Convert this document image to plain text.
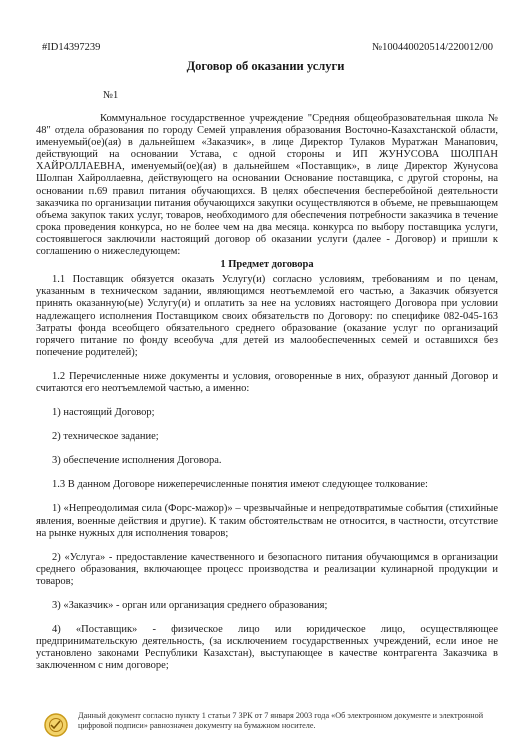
#ID14397239	№100440020514/220012/00
Договор об оказании услуги
№1

Коммунальное государственное учреждение "Средняя общеобразовательная школа № 48" отдела образования по городу Семей управления образования Восточно-Казахстанской области, именуемый(ое)(ая) в дальнейшем «Заказчик», в лице Директор Тулаков Муратжан Манапович, действующий на основании Устава, с одной стороны и ИП ЖУНУСОВА ШОЛПАН ХАЙРОЛЛАЕВНА, именуемый(ое)(ая) в дальнейшем «Поставщик», в лице Директор Жунусова Шолпан Хайроллаевна, действующего на основании Основание поставщика, с другой стороны, на основании п.69 правил питания обучающихся. В целях обеспечения бесперебойной деятельности заказчика по организации питания обучающихся закупки осуществляются в объеме, не превышающем объема закупок таких услуг, товаров, необходимого для обеспечения потребности заказчика в течение срока проведения конкурса, но не более чем на два месяца. конкурса по выбору поставщика услуги, состоявшегося заключили настоящий договор об оказании услуги (далее - Договор) и пришли к соглашению о нижеследующем:

1 Предмет договора

1.1 Поставщик обязуется оказать Услугу(и) согласно условиям, требованиям и по ценам, указанным в техническом задании, являющимся неотъемлемой его частью, а Заказчик обязуется принять оказанную(ые) Услугу(и) и оплатить за нее на условиях настоящего Договора при условии надлежащего исполнения Поставщиком своих обязательств по Договору: по специфике 082-045-163 Затраты фонда всеобщего обязательного среднего образование (оказание услуг по организаций горячего питание по фонду всеобуча ,для детей из малообеспеченных семей и оставшихся без попечение родителей);

1.2 Перечисленные ниже документы и условия, оговоренные в них, образуют данный Договор и считаются его неотъемлемой частью, а именно:

1) настоящий Договор;

2) техническое задание;

3) обеспечение исполнения Договора.

1.3 В данном Договоре нижеперечисленные понятия имеют следующее толкование:

1) «Непреодолимая сила (Форс-мажор)» – чрезвычайные и непредотвратимые события (стихийные явления, военные действия и другие). К таким обстоятельствам не относится, в частности, отсутствие на рынке нужных для исполнения товаров;

2) «Услуга» - предоставление качественного и безопасного питания обучающимся в организации среднего образования, включающее процесс производства и реализации кулинарной продукции и товаров;

3) «Заказчик» - орган или организация среднего образования;

4) «Поставщик» - физическое лицо или юридическое лицо, осуществляющее предпринимательскую деятельность, (за исключением государственных учреждений, если иное не установлено законами Республики Казахстан), выступающее в качестве контрагента Заказчика в заключенном с ним договоре;

Данный документ согласно пункту 1 статьи 7 ЗРК от 7 января 2003 года «Об электронном документе и электронной цифровой подписи» равнозначен документу на бумажном носителе.
